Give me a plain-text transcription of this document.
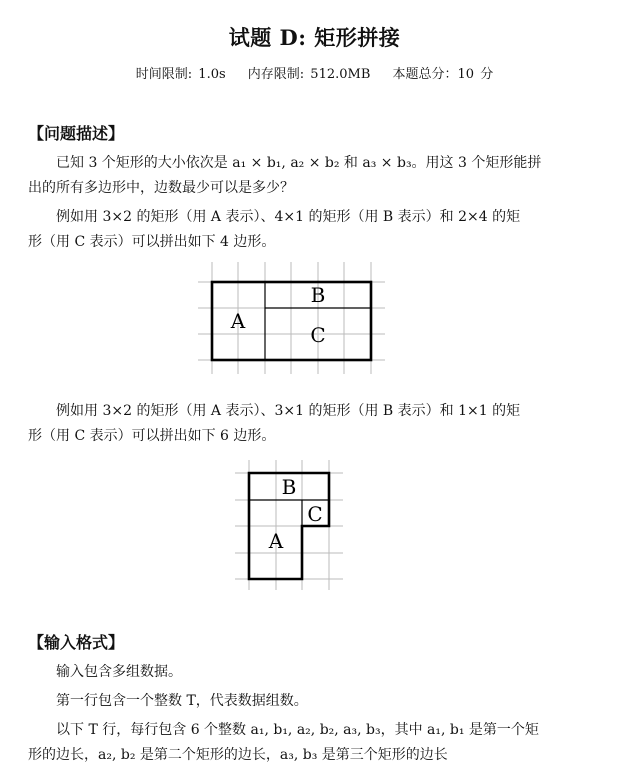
试题 D: 矩形拼接
时间限制: 1.0s 内存限制: 512.0MB 本题总分：10 分
【问题描述】
已知 3 个矩形的大小依次是 a₁ × b₁, a₂ × b₂ 和 a₃ × b₃。用这 3 个矩形能拼
出的所有多边形中，边数最少可以是多少？
例如用 3×2 的矩形（用 A 表示）、4×1 的矩形（用 B 表示）和 2×4 的矩
形（用 C 表示）可以拼出如下 4 边形。
A
B
C
例如用 3×2 的矩形（用 A 表示）、3×1 的矩形（用 B 表示）和 1×1 的矩
形（用 C 表示）可以拼出如下 6 边形。
B
C
A
【输入格式】
输入包含多组数据。
第一行包含一个整数 T，代表数据组数。
以下 T 行，每行包含 6 个整数 a₁, b₁, a₂, b₂, a₃, b₃，其中 a₁, b₁ 是第一个矩
形的边长，a₂, b₂ 是第二个矩形的边长，a₃, b₃ 是第三个矩形的边长
